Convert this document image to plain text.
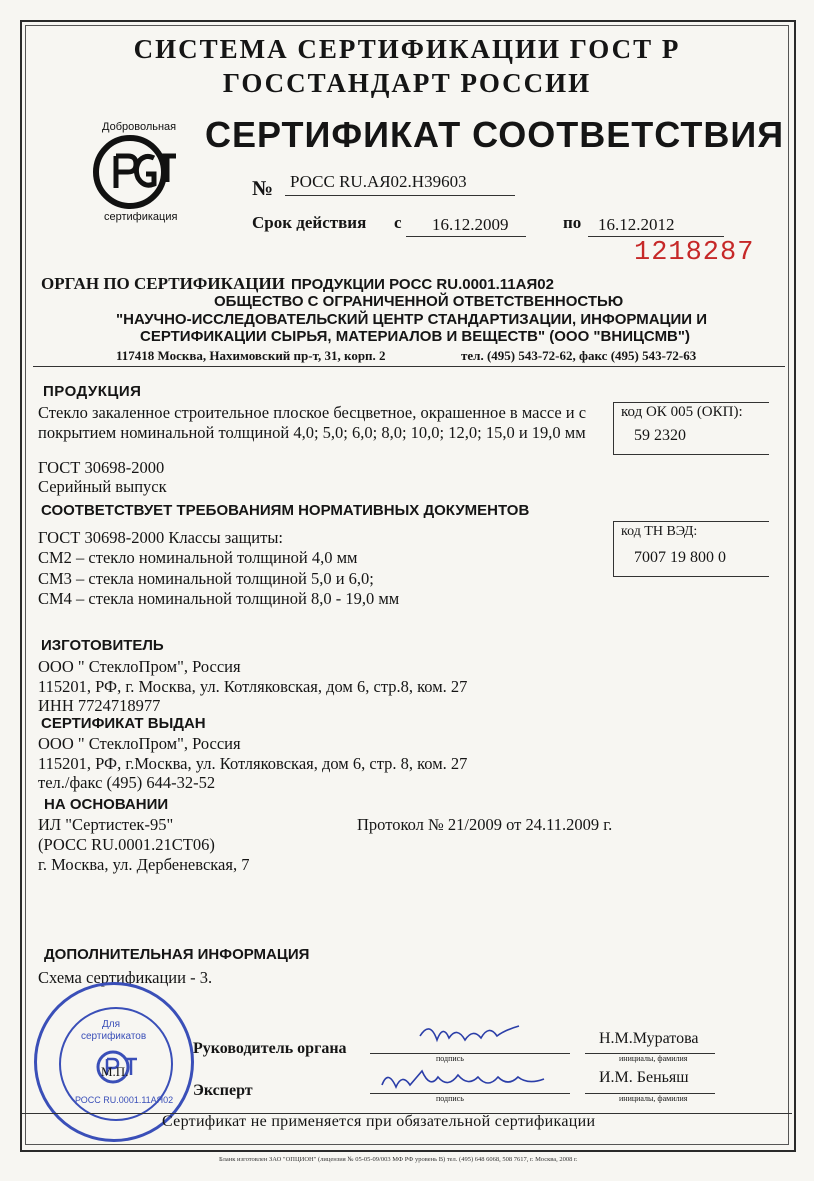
СИСТЕМА СЕРТИФИКАЦИИ ГОСТ Р
ГОССТАНДАРТ РОССИИ
СЕРТИФИКАТ СООТВЕТСТВИЯ
Добровольная
сертификация
№ РОСС RU.АЯ02.Н39603
Срок действия с 16.12.2009	по 16.12.2012
1218287
ОРГАН ПО СЕРТИФИКАЦИИ ПРОДУКЦИИ РОСС RU.0001.11АЯ02
ОБЩЕСТВО С ОГРАНИЧЕННОЙ ОТВЕТСТВЕННОСТЬЮ
"НАУЧНО-ИССЛЕДОВАТЕЛЬСКИЙ ЦЕНТР СТАНДАРТИЗАЦИИ, ИНФОРМАЦИИ И
СЕРТИФИКАЦИИ СЫРЬЯ, МАТЕРИАЛОВ И ВЕЩЕСТВ" (ООО "ВНИЦСМВ")
117418 Москва, Нахимовский пр-т, 31, корп. 2	тел. (495) 543-72-62, факс (495) 543-72-63
ПРОДУКЦИЯ
Стекло закаленное строительное плоское бесцветное, окрашенное в массе и с
покрытием номинальной толщиной 4,0; 5,0; 6,0; 8,0; 10,0; 12,0; 15,0 и 19,0 мм
ГОСТ 30698-2000
Серийный выпуск
код ОК 005 (ОКП):
59 2320
СООТВЕТСТВУЕТ ТРЕБОВАНИЯМ НОРМАТИВНЫХ ДОКУМЕНТОВ
ГОСТ 30698-2000 Классы защиты:
СМ2 – стекло номинальной толщиной 4,0 мм
СМ3 – стекла номинальной толщиной 5,0 и 6,0;
СМ4 – стекла номинальной толщиной 8,0 - 19,0 мм
код ТН ВЭД:
7007 19 800 0
ИЗГОТОВИТЕЛЬ
ООО " СтеклоПром", Россия
115201, РФ, г. Москва, ул. Котляковская, дом 6, стр.8, ком. 27
ИНН 7724718977
СЕРТИФИКАТ ВЫДАН
ООО " СтеклоПром", Россия
115201, РФ, г.Москва, ул. Котляковская, дом 6, стр. 8, ком. 27
тел./факс (495) 644-32-52
НА ОСНОВАНИИ
ИЛ "Сертистек-95"
(РОСС RU.0001.21СТ06)
г. Москва, ул. Дербеневская, 7
Протокол № 21/2009 от 24.11.2009 г.
ДОПОЛНИТЕЛЬНАЯ ИНФОРМАЦИЯ
Схема сертификации - 3.
Для
сертификатов
РОСС RU.0001.11АЯ02
М.П.
Руководитель органа
подпись
Н.М.Муратова
инициалы, фамилия
Эксперт	подпись
И.М. Беньяш
инициалы, фамилия
Сертификат не применяется при обязательной сертификации
Бланк изготовлен ЗАО "ОПЦИОН" (лицензия № 05-05-09/003 МФ РФ уровень В) тел. (495) 648 6068, 508 7617, г. Москва, 2008 г.
